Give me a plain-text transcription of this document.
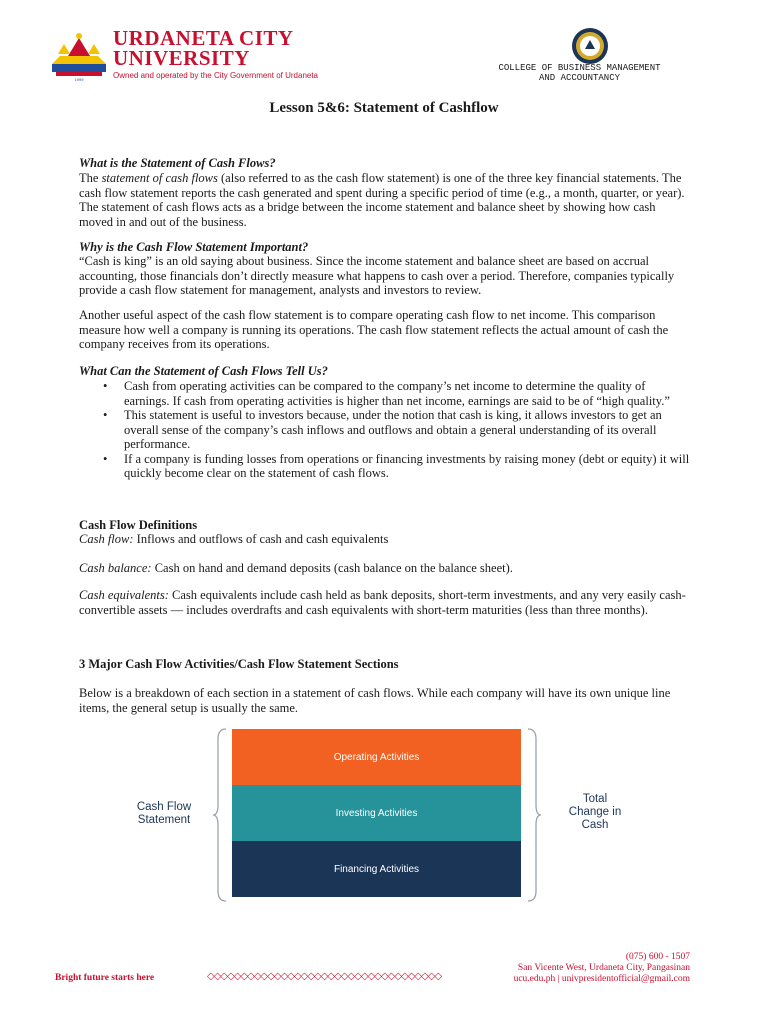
1999
URDANETA CITY
UNIVERSITY
Owned and operated by the City Government of Urdaneta
COLLEGE OF BUSINESS MANAGEMENT
AND ACCOUNTANCY
Lesson 5&6: Statement of Cashflow
What is the Statement of Cash Flows?
The statement of cash flows (also referred to as the cash flow statement) is one of the three key financial statements. The cash flow statement reports the cash generated and spent during a specific period of time (e.g., a month, quarter, or year). The statement of cash flows acts as a bridge between the income statement and balance sheet by showing how cash moved in and out of the business.
Why is the Cash Flow Statement Important?
“Cash is king” is an old saying about business. Since the income statement and balance sheet are based on accrual accounting, those financials don’t directly measure what happens to cash over a period. Therefore, companies typically provide a cash flow statement for management, analysts and investors to review.
Another useful aspect of the cash flow statement is to compare operating cash flow to net income. This comparison measure how well a company is running its operations. The cash flow statement reflects the actual amount of cash the company receives from its operations.
What Can the Statement of Cash Flows Tell Us?
• Cash from operating activities can be compared to the company’s net income to determine the quality of earnings. If cash from operating activities is higher than net income, earnings are said to be of “high quality.”
• This statement is useful to investors because, under the notion that cash is king, it allows investors to get an overall sense of the company’s cash inflows and outflows and obtain a general understanding of its overall performance.
• If a company is funding losses from operations or financing investments by raising money (debt or equity) it will quickly become clear on the statement of cash flows.
Cash Flow Definitions
Cash flow: Inflows and outflows of cash and cash equivalents
Cash balance: Cash on hand and demand deposits (cash balance on the balance sheet).
Cash equivalents: Cash equivalents include cash held as bank deposits, short-term investments, and any very easily cash-convertible assets — includes overdrafts and cash equivalents with short-term maturities (less than three months).
3 Major Cash Flow Activities/Cash Flow Statement Sections
Below is a breakdown of each section in a statement of cash flows. While each company will have its own unique line items, the general setup is usually the same.
Cash Flow
Statement
Operating Activities
Investing Activities
Financing Activities
Total
Change in
Cash
Bright future starts here	◇◇◇◇◇◇◇◇◇◇◇◇◇◇◇◇◇◇◇◇◇◇◇◇◇◇◇◇◇◇◇◇◇◇◇
(075) 600 - 1507
San Vicente West, Urdaneta City, Pangasinan
ucu.edu.ph | univpresidentofficial@gmail.com
